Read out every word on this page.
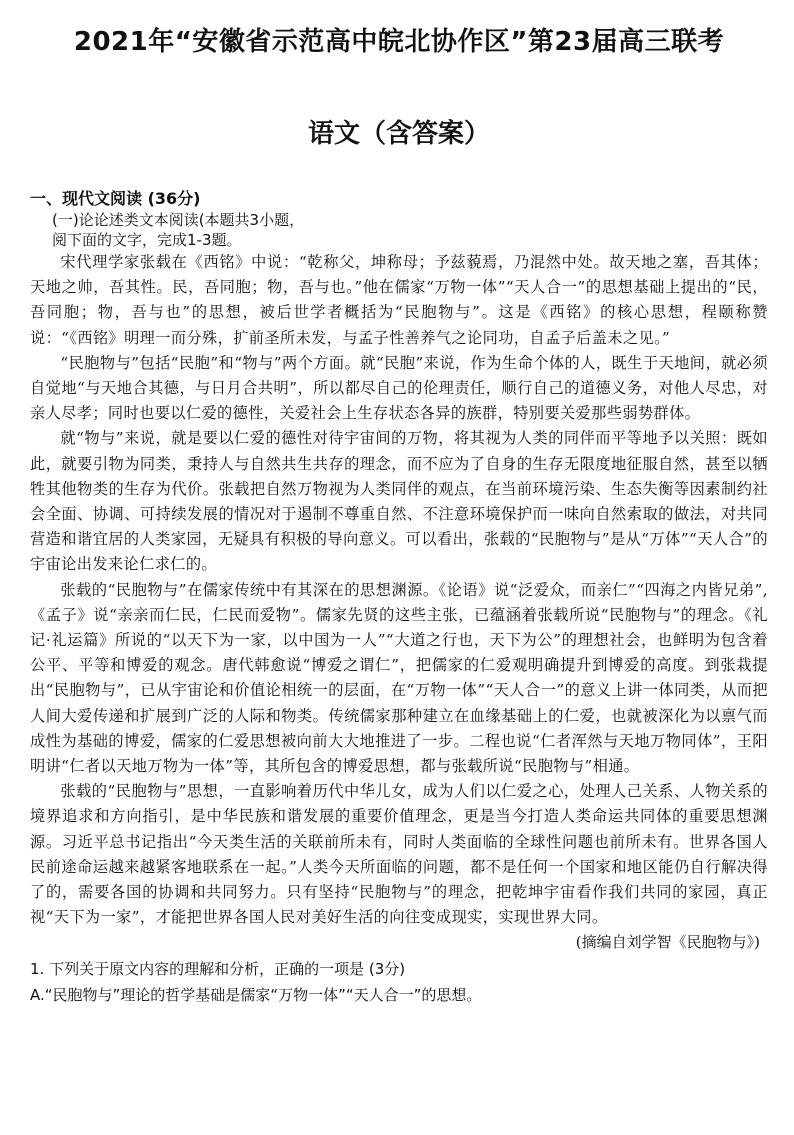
2021年“安徽省示范高中皖北协作区”第23届高三联考
语文（含答案）
一、现代文阅读 (36分)
(一)论论述类文本阅读(本题共3小题，
阅下面的文字，完成1-3题。

宋代理学家张载在《西铭》中说：“乾称父，坤称母；予兹藐焉，乃混然中处。故天地之塞，吾其体；天地之帅，吾其性。民，吾同胞；物，吾与也。”他在儒家“万物一体”“天人合一”的思想基础上提出的“民，吾同胞；物，吾与也”的思想，被后世学者概括为“民胞物与”。这是《西铭》的核心思想，程颐称赞说：“《西铭》明理一而分殊，扩前圣所未发，与孟子性善养气之论同功，自孟子后盖未之见。”

“民胞物与”包括“民胞”和“物与”两个方面。就“民胞”来说，作为生命个体的人，既生于天地间，就必须自觉地“与天地合其德，与日月合共明”，所以都尽自己的伦理责任，顺行自己的道德义务，对他人尽忠，对亲人尽孝；同时也要以仁爱的德性，关爱社会上生存状态各异的族群，特别要关爱那些弱势群体。

就“物与”来说，就是要以仁爱的德性对待宇宙间的万物，将其视为人类的同伴而平等地予以关照：既如此，就要引物为同类，秉持人与自然共生共存的理念，而不应为了自身的生存无限度地征服自然，甚至以牺牲其他物类的生存为代价。张载把自然万物视为人类同伴的观点，在当前环境污染、生态失衡等因素制约社会全面、协调、可持续发展的情况对于遏制不尊重自然、不注意环境保护而一味向自然索取的做法，对共同营造和谐宜居的人类家园，无疑具有积极的导向意义。可以看出，张载的“民胞物与”是从“万体”“天人合”的宇宙论出发来论仁求仁的。

张载的“民胞物与”在儒家传统中有其深在的思想渊源。《论语》说“泛爱众，而亲仁”“四海之内皆兄弟”,《孟子》说“亲亲而仁民，仁民而爱物”。儒家先贤的这些主张，已蕴涵着张载所说“民胞物与”的理念。《礼记·礼运篇》所说的“以天下为一家，以中国为一人”“大道之行也，天下为公”的理想社会，也鲜明为包含着公平、平等和博爱的观念。唐代韩愈说“博爱之谓仁”，把儒家的仁爱观明确提升到博爱的高度。到张栽提出“民胞物与”，已从宇宙论和价值论相统一的层面，在“万物一体”“天人合一”的意义上讲一体同类，从而把人间大爱传递和扩展到广泛的人际和物类。传统儒家那种建立在血缘基础上的仁爱，也就被深化为以禀气而成性为基础的博爱，儒家的仁爱思想被向前大大地推进了一步。二程也说“仁者浑然与天地万物同体”，王阳明讲“仁者以天地万物为一体”等，其所包含的博爱思想，都与张载所说“民胞物与”相通。

张载的“民胞物与”思想，一直影响着历代中华儿女，成为人们以仁爱之心，处理人己关系、人物关系的境界追求和方向指引，是中华民族和谐发展的重要价值理念，更是当今打造人类命运共同体的重要思想渊源。习近平总书记指出“今天类生活的关联前所未有，同时人类面临的全球性问题也前所未有。世界各国人民前途命运越来越紧客地联系在一起。”人类今天所面临的问题，都不是任何一个国家和地区能仍自行解决得了的，需要各国的协调和共同努力。只有坚持“民胞物与”的理念，把乾坤宇宙看作我们共同的家园，真正视“天下为一家”，才能把世界各国人民对美好生活的向往变成现实，实现世界大同。

(摘编自刘学智《民胞物与》)
1. 下列关于原文内容的理解和分析，正确的一项是 (3分)
A.“民胞物与”理论的哲学基础是儒家“万物一体”“天人合一”的思想。
